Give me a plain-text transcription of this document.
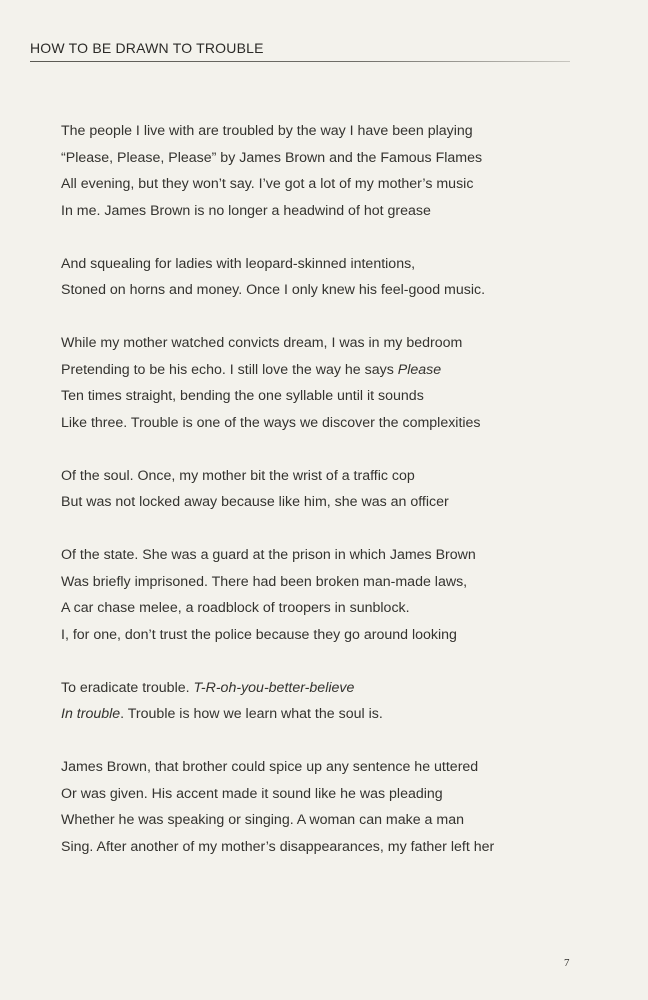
HOW TO BE DRAWN TO TROUBLE
The people I live with are troubled by the way I have been playing
“Please, Please, Please” by James Brown and the Famous Flames
All evening, but they won’t say. I’ve got a lot of my mother’s music
In me. James Brown is no longer a headwind of hot grease
And squealing for ladies with leopard-skinned intentions,
Stoned on horns and money. Once I only knew his feel-good music.
While my mother watched convicts dream, I was in my bedroom
Pretending to be his echo. I still love the way he says Please
Ten times straight, bending the one syllable until it sounds
Like three. Trouble is one of the ways we discover the complexities
Of the soul. Once, my mother bit the wrist of a traffic cop
But was not locked away because like him, she was an officer
Of the state. She was a guard at the prison in which James Brown
Was briefly imprisoned. There had been broken man-made laws,
A car chase melee, a roadblock of troopers in sunblock.
I, for one, don’t trust the police because they go around looking
To eradicate trouble. T-R-oh-you-better-believe
In trouble. Trouble is how we learn what the soul is.
James Brown, that brother could spice up any sentence he uttered
Or was given. His accent made it sound like he was pleading
Whether he was speaking or singing. A woman can make a man
Sing. After another of my mother’s disappearances, my father left her
7
